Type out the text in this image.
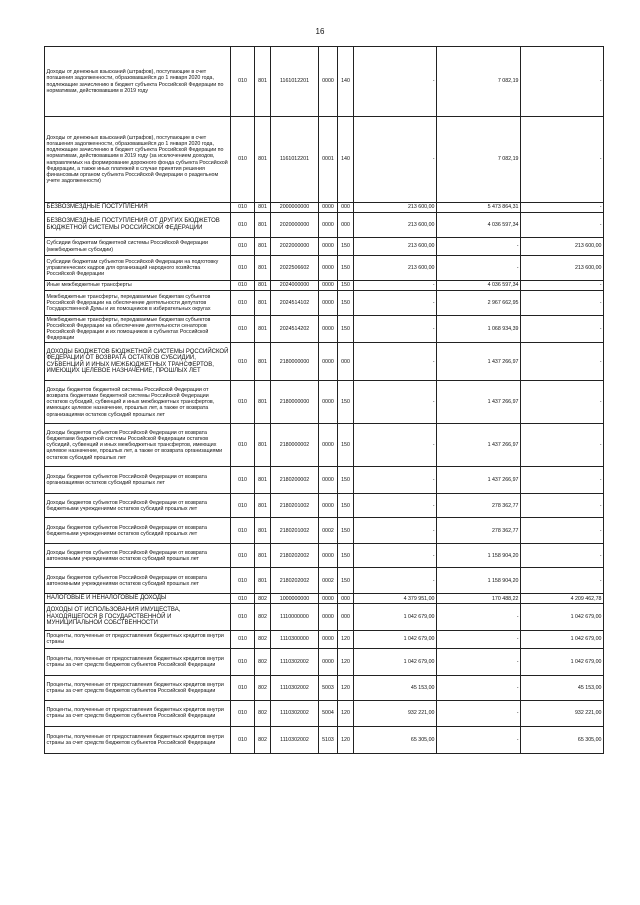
16
Доходы от денежных взысканий (штрафов), поступающие в счет погашения задолженности, образовавшейся до 1 января 2020 года, подлежащие зачислению в бюджет субъекта Российской Федерации по нормативам, действовавшим в 2019 году	010	801	1161012201	0000	140	-	7 082,19	-
Доходы от денежных взысканий (штрафов), поступающие в счет погашения задолженности, образовавшейся до 1 января 2020 года, подлежащие зачислению в бюджет субъекта Российской Федерации по нормативам, действовавшим в 2019 году (за исключением доходов, направляемых на формирование дорожного фонда субъекта Российской Федерации, а также иных платежей в случае принятия решения финансовым органом субъекта Российской Федерации о раздельном учете задолженности)	010	801	1161012201	0001	140	-	7 082,19	-
БЕЗВОЗМЕЗДНЫЕ ПОСТУПЛЕНИЯ	010	801	2000000000	0000	000	213 600,00	5 473 864,31	-
БЕЗВОЗМЕЗДНЫЕ ПОСТУПЛЕНИЯ ОТ ДРУГИХ БЮДЖЕТОВ БЮДЖЕТНОЙ СИСТЕМЫ РОССИЙСКОЙ ФЕДЕРАЦИИ	010	801	2020000000	0000	000	213 600,00	4 036 597,34	-
Субсидии бюджетам бюджетной системы Российской Федерации (межбюджетные субсидии)	010	801	2022000000	0000	150	213 600,00	-	213 600,00
Субсидии бюджетам субъектов Российской Федерации на подготовку управленческих кадров для организаций народного хозяйства Российской Федерации	010	801	2022506602	0000	150	213 600,00	-	213 600,00
Иные межбюджетные трансферты	010	801	2024000000	0000	150	-	4 036 597,34	-
Межбюджетные трансферты, передаваемые бюджетам субъектов Российской Федерации на обеспечение деятельности депутатов Государственной Думы и их помощников в избирательных округах	010	801	2024514102	0000	150	-	2 967 662,95	-
Межбюджетные трансферты, передаваемые бюджетам субъектов Российской Федерации на обеспечение деятельности сенаторов Российской Федерации и их помощников в субъектах Российской Федерации	010	801	2024514202	0000	150	-	1 068 934,39	-
ДОХОДЫ БЮДЖЕТОВ БЮДЖЕТНОЙ СИСТЕМЫ РОССИЙСКОЙ ФЕДЕРАЦИИ ОТ ВОЗВРАТА ОСТАТКОВ СУБСИДИЙ, СУБВЕНЦИЙ И ИНЫХ МЕЖБЮДЖЕТНЫХ ТРАНСФЕРТОВ, ИМЕЮЩИХ ЦЕЛЕВОЕ НАЗНАЧЕНИЕ, ПРОШЛЫХ ЛЕТ	010	801	2180000000	0000	000	-	1 437 266,97	-
Доходы бюджетов бюджетной системы Российской Федерации от возврата бюджетами бюджетной системы Российской Федерации остатков субсидий, субвенций и иных межбюджетных трансфертов, имеющих целевое назначение, прошлых лет, а также от возврата организациями остатков субсидий прошлых лет	010	801	2180000000	0000	150	-	1 437 266,97	-
Доходы бюджетов субъектов Российской Федерации от возврата бюджетами бюджетной системы Российской Федерации остатков субсидий, субвенций и иных межбюджетных трансфертов, имеющих целевое назначение, прошлых лет, а также от возврата организациями остатков субсидий прошлых лет	010	801	2180000002	0000	150	-	1 437 266,97	-
Доходы бюджетов субъектов Российской Федерации от возврата организациями остатков субсидий прошлых лет	010	801	2180200002	0000	150	-	1 437 266,97	-
Доходы бюджетов субъектов Российской Федерации от возврата бюджетными учреждениями остатков субсидий прошлых лет	010	801	2180201002	0000	150	-	278 362,77	-
Доходы бюджетов субъектов Российской Федерации от возврата бюджетными учреждениями остатков субсидий прошлых лет	010	801	2180201002	0002	150	-	278 362,77	-
Доходы бюджетов субъектов Российской Федерации от возврата автономными учреждениями остатков субсидий прошлых лет	010	801	2180202002	0000	150	-	1 158 904,20	-
Доходы бюджетов субъектов Российской Федерации от возврата автономными учреждениями остатков субсидий прошлых лет	010	801	2180202002	0002	150	-	1 158 904,20	-
НАЛОГОВЫЕ И НЕНАЛОГОВЫЕ ДОХОДЫ	010	802	1000000000	0000	000	4 379 951,00	170 488,22	4 209 462,78
ДОХОДЫ ОТ ИСПОЛЬЗОВАНИЯ ИМУЩЕСТВА, НАХОДЯЩЕГОСЯ В ГОСУДАРСТВЕННОЙ И МУНИЦИПАЛЬНОЙ СОБСТВЕННОСТИ	010	802	1110000000	0000	000	1 042 679,00	-	1 042 679,00
Проценты, полученные от предоставления бюджетных кредитов внутри страны	010	802	1110300000	0000	120	1 042 679,00	-	1 042 679,00
Проценты, полученные от предоставления бюджетных кредитов внутри страны за счет средств бюджетов субъектов Российской Федерации	010	802	1110302002	0000	120	1 042 679,00	-	1 042 679,00
Проценты, полученные от предоставления бюджетных кредитов внутри страны за счет средств бюджетов субъектов Российской Федерации	010	802	1110302002	5003	120	45 153,00	-	45 153,00
Проценты, полученные от предоставления бюджетных кредитов внутри страны за счет средств бюджетов субъектов Российской Федерации	010	802	1110302002	5004	120	932 221,00	-	932 221,00
Проценты, полученные от предоставления бюджетных кредитов внутри страны за счет средств бюджетов субъектов Российской Федерации	010	802	1110302002	5103	120	65 305,00	-	65 305,00
